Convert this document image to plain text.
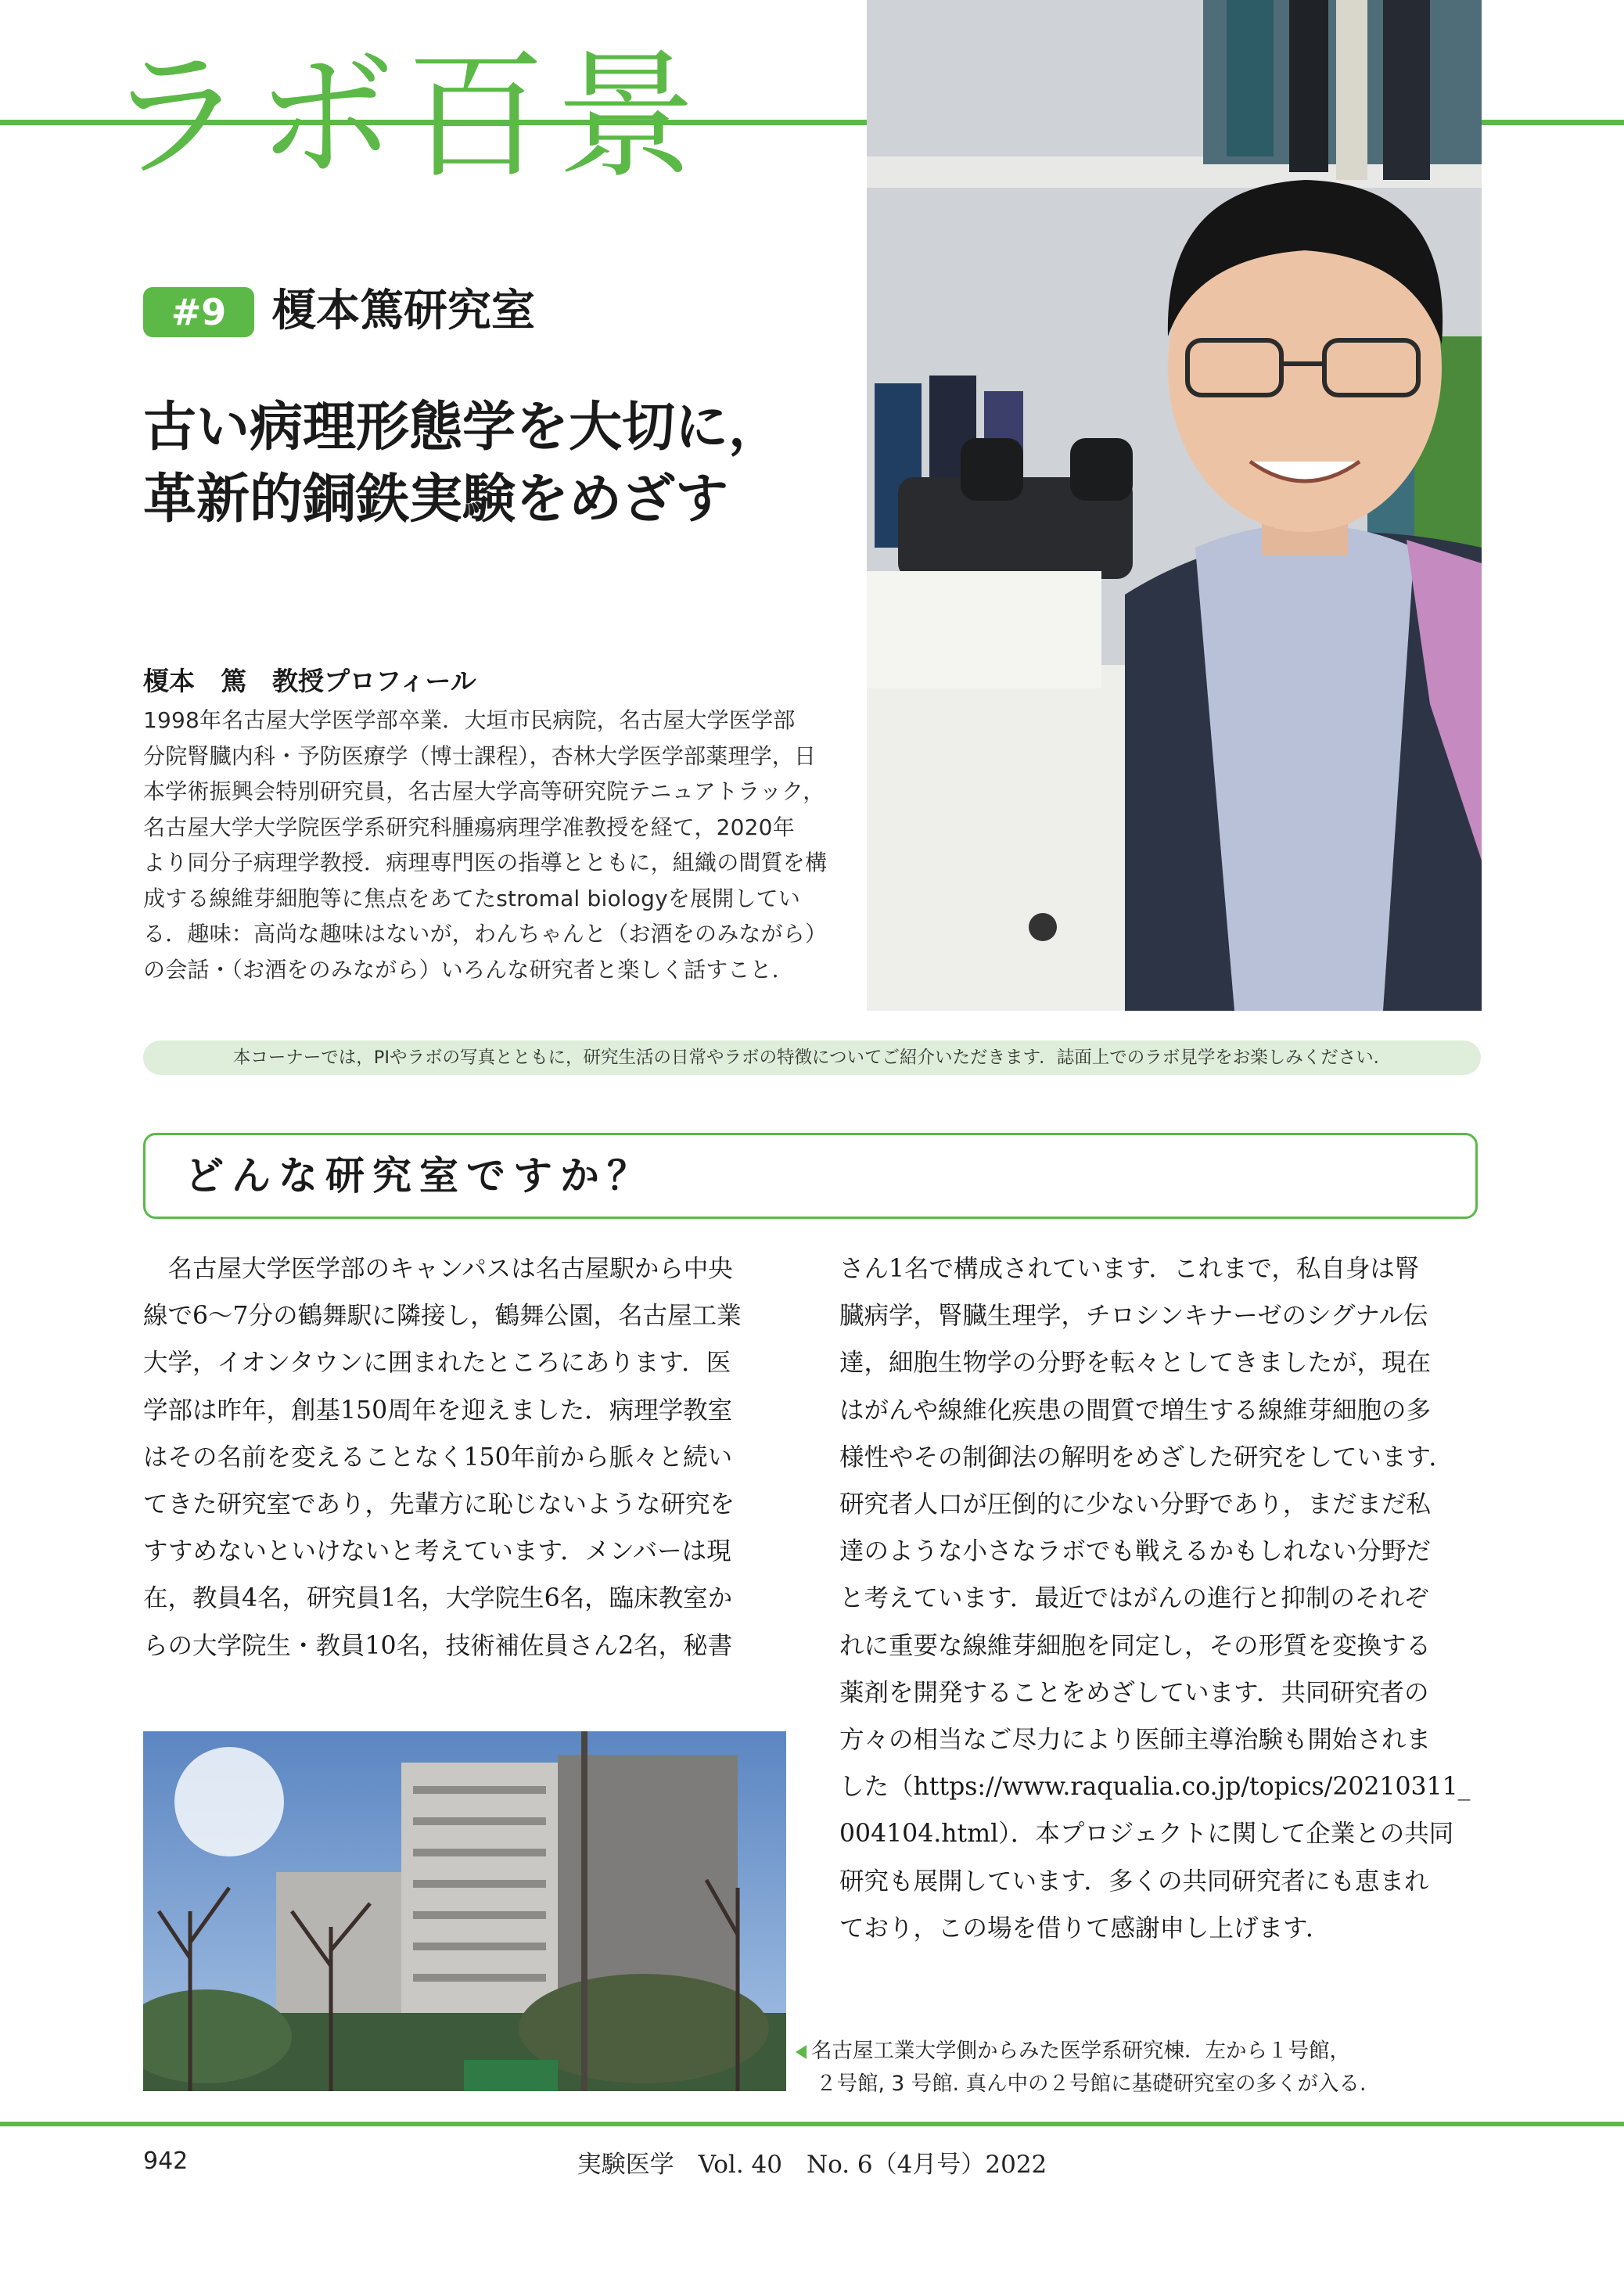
ラボ百景
#9	榎本篤研究室
古い病理形態学を大切に，
革新的銅鉄実験をめざす
榎本　篤　教授プロフィール
1998年名古屋大学医学部卒業．大垣市民病院，名古屋大学医学部
分院腎臓内科・予防医療学（博士課程），杏林大学医学部薬理学，日
本学術振興会特別研究員，名古屋大学高等研究院テニュアトラック，
名古屋大学大学院医学系研究科腫瘍病理学准教授を経て，2020年
より同分子病理学教授．病理専門医の指導とともに，組織の間質を構
成する線維芽細胞等に焦点をあてたstromal biologyを展開してい
る．趣味：高尚な趣味はないが，わんちゃんと（お酒をのみながら）
の会話・（お酒をのみながら）いろんな研究者と楽しく話すこと．
本コーナーでは，PIやラボの写真とともに，研究生活の日常やラボの特徴についてご紹介いただきます．誌面上でのラボ見学をお楽しみください．
どんな研究室ですか？
　名古屋大学医学部のキャンパスは名古屋駅から中央
線で6～7分の鶴舞駅に隣接し，鶴舞公園，名古屋工業
大学，イオンタウンに囲まれたところにあります．医
学部は昨年，創基150周年を迎えました．病理学教室
はその名前を変えることなく150年前から脈々と続い
てきた研究室であり，先輩方に恥じないような研究を
すすめないといけないと考えています．メンバーは現
在，教員4名，研究員1名，大学院生6名，臨床教室か
らの大学院生・教員10名，技術補佐員さん2名，秘書
さん1名で構成されています．これまで，私自身は腎
臓病学，腎臓生理学，チロシンキナーゼのシグナル伝
達，細胞生物学の分野を転々としてきましたが，現在
はがんや線維化疾患の間質で増生する線維芽細胞の多
様性やその制御法の解明をめざした研究をしています．
研究者人口が圧倒的に少ない分野であり，まだまだ私
達のような小さなラボでも戦えるかもしれない分野だ
と考えています．最近ではがんの進行と抑制のそれぞ
れに重要な線維芽細胞を同定し，その形質を変換する
薬剤を開発することをめざしています．共同研究者の
方々の相当なご尽力により医師主導治験も開始されま
した（https://www.raqualia.co.jp/topics/20210311_
004104.html）．本プロジェクトに関して企業との共同
研究も展開しています．多くの共同研究者にも恵まれ
ており，この場を借りて感謝申し上げます．
名古屋工業大学側からみた医学系研究棟．左から１号館，
２号館, 3 号館. 真ん中の２号館に基礎研究室の多くが入る.
942	実験医学　Vol. 40　No. 6（4月号）2022
